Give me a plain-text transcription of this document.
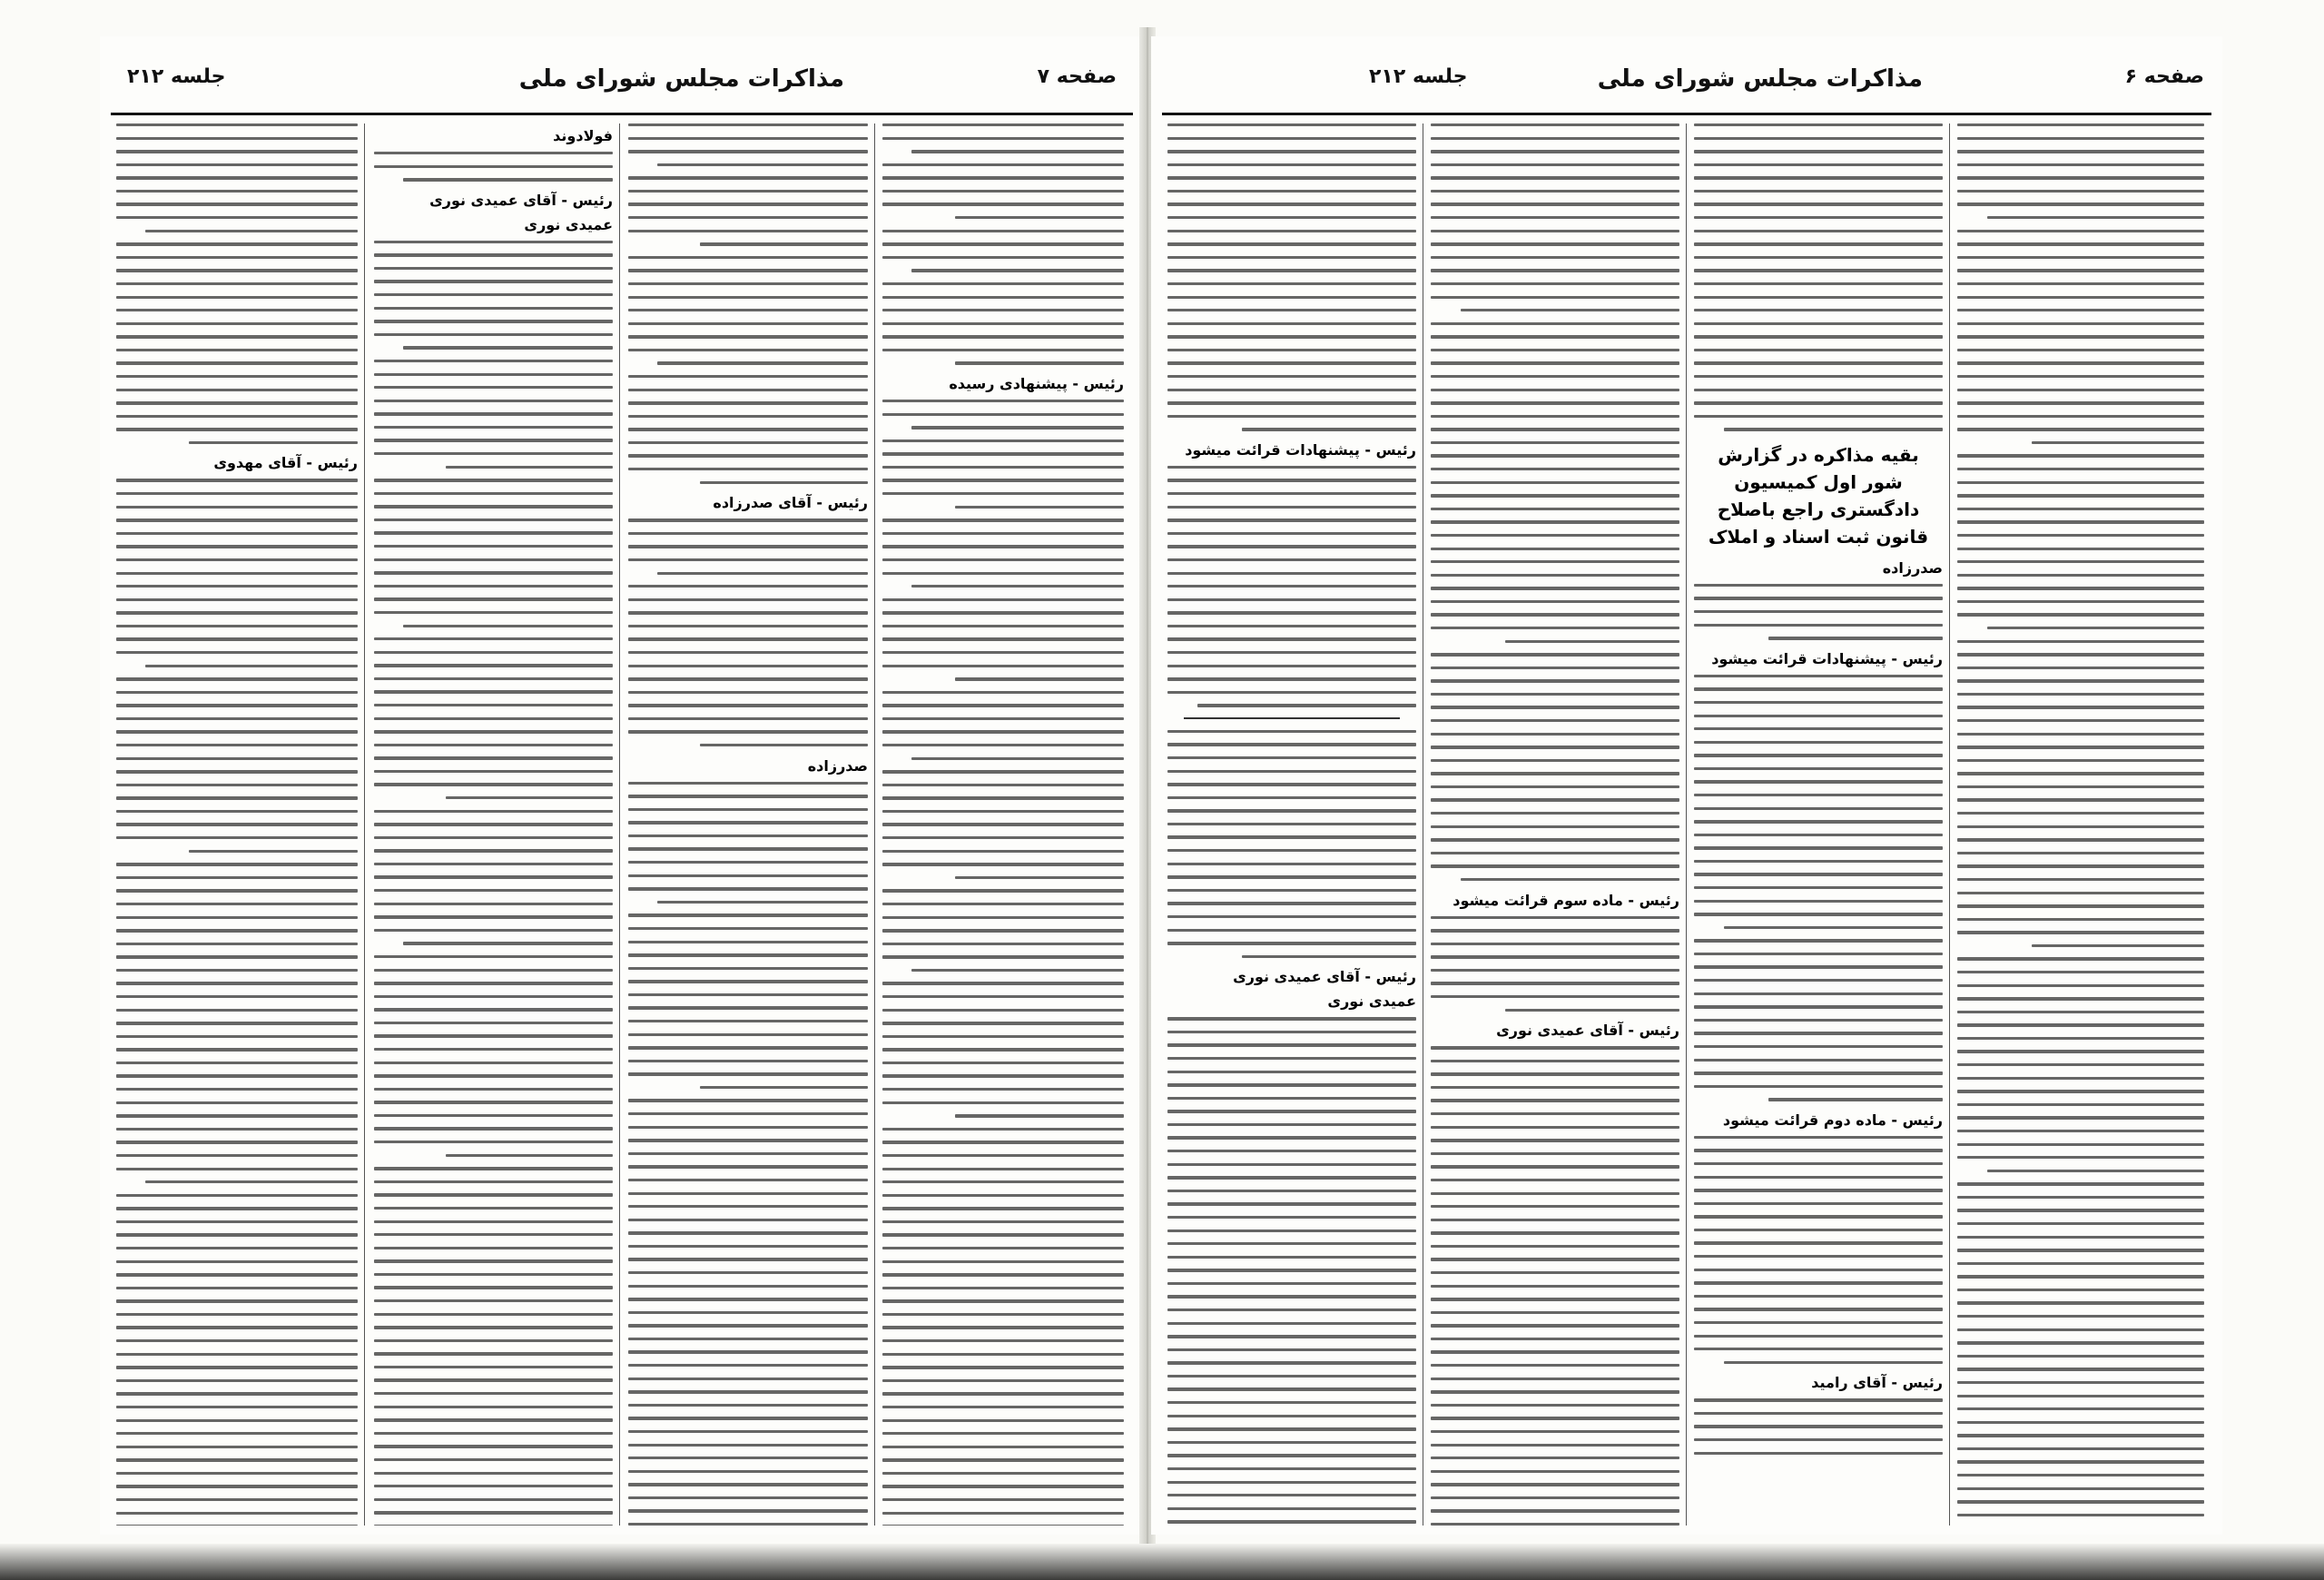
صفحه ۷
مذاکرات مجلس شورای ملی
جلسه ۲۱۲
رئیس - پیشنهادی رسیده
رئیس - آقای صدرزاده
صدرزاده
فولادوند
رئیس - آقای عمیدی نوری
عمیدی نوری
رئیس - آقای مهدوی
صفحه ۶
مذاکرات مجلس شورای ملی
جلسه ۲۱۲
بقیه مذاکره در گزارش شور اول کمیسیون دادگستری راجع باصلاح قانون ثبت اسناد و املاک
صدرزاده
رئیس - پیشنهادات قرائت میشود
رئیس - ماده دوم قرائت میشود
رئیس - آقای رامید
رئیس - ماده سوم قرائت میشود
رئیس - آقای عمیدی نوری
رئیس - پیشنهادات قرائت میشود
رئیس - آقای عمیدی نوری
عمیدی نوری
